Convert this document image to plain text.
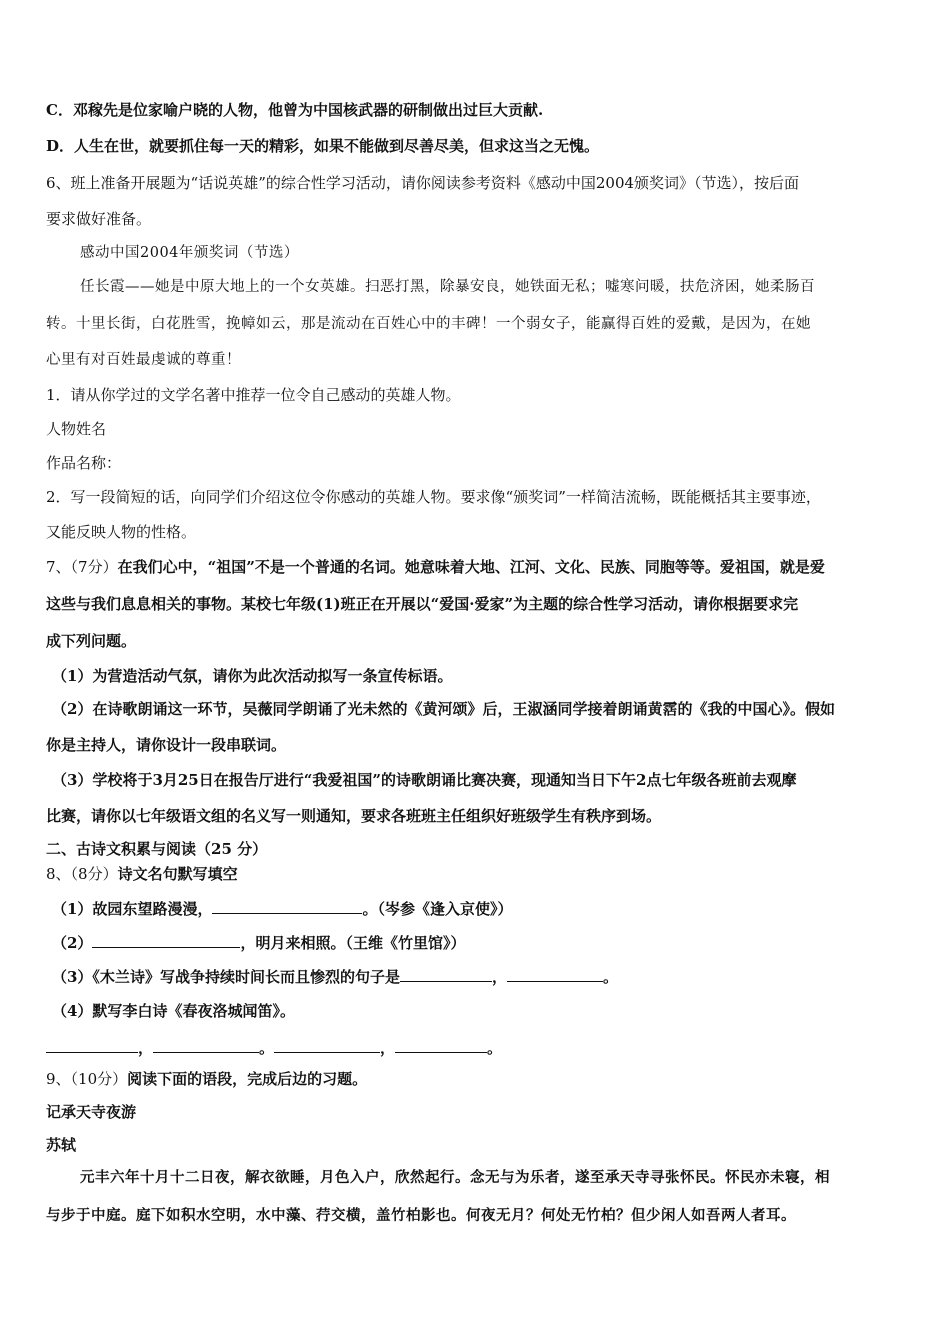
C．邓稼先是位家喻户晓的人物，他曾为中国核武器的研制做出过巨大贡献.
D．人生在世，就要抓住每一天的精彩，如果不能做到尽善尽美，但求这当之无愧。
6、班上准备开展题为“话说英雄”的综合性学习活动，请你阅读参考资料《感动中国2004颁奖词》（节选），按后面
要求做好准备。
感动中国2004年颁奖词（节选）
任长霞——她是中原大地上的一个女英雄。扫恶打黑，除暴安良，她铁面无私；嘘寒问暖，扶危济困，她柔肠百
转。十里长街，白花胜雪，挽幛如云，那是流动在百姓心中的丰碑！一个弱女子，能赢得百姓的爱戴，是因为，在她
心里有对百姓最虔诚的尊重！
1．请从你学过的文学名著中推荐一位令自己感动的英雄人物。
人物姓名
作品名称：
2．写一段简短的话，向同学们介绍这位令你感动的英雄人物。要求像“颁奖词”一样简洁流畅，既能概括其主要事迹，
又能反映人物的性格。
7、（7分）在我们心中，“祖国”不是一个普通的名词。她意味着大地、江河、文化、民族、同胞等等。爱祖国，就是爱
这些与我们息息相关的事物。某校七年级(1)班正在开展以“爱国·爱家”为主题的综合性学习活动，请你根据要求完
成下列问题。
（1）为营造活动气氛，请你为此次活动拟写一条宣传标语。
（2）在诗歌朗诵这一环节，吴薇同学朗诵了光未然的《黄河颂》后，王淑涵同学接着朗诵黄霑的《我的中国心》。假如
你是主持人，请你设计一段串联词。
（3）学校将于3月25日在报告厅进行“我爱祖国”的诗歌朗诵比赛决赛，现通知当日下午2点七年级各班前去观摩
比赛，请你以七年级语文组的名义写一则通知，要求各班班主任组织好班级学生有秩序到场。
二、古诗文积累与阅读（25 分）
8、（8分）诗文名句默写填空
（1）故园东望路漫漫，	。（岑参《逢入京使》）
（2）	，明月来相照。（王维《竹里馆》）
（3）《木兰诗》写战争持续时间长而且惨烈的句子是	，	。
（4）默写李白诗《春夜洛城闻笛》。
，	。	，	。
9、（10分）阅读下面的语段，完成后边的习题。
记承天寺夜游
苏轼
元丰六年十月十二日夜，解衣欲睡，月色入户，欣然起行。念无与为乐者，遂至承天寺寻张怀民。怀民亦未寝，相
与步于中庭。庭下如积水空明，水中藻、荇交横，盖竹柏影也。何夜无月？何处无竹柏？但少闲人如吾两人者耳。
